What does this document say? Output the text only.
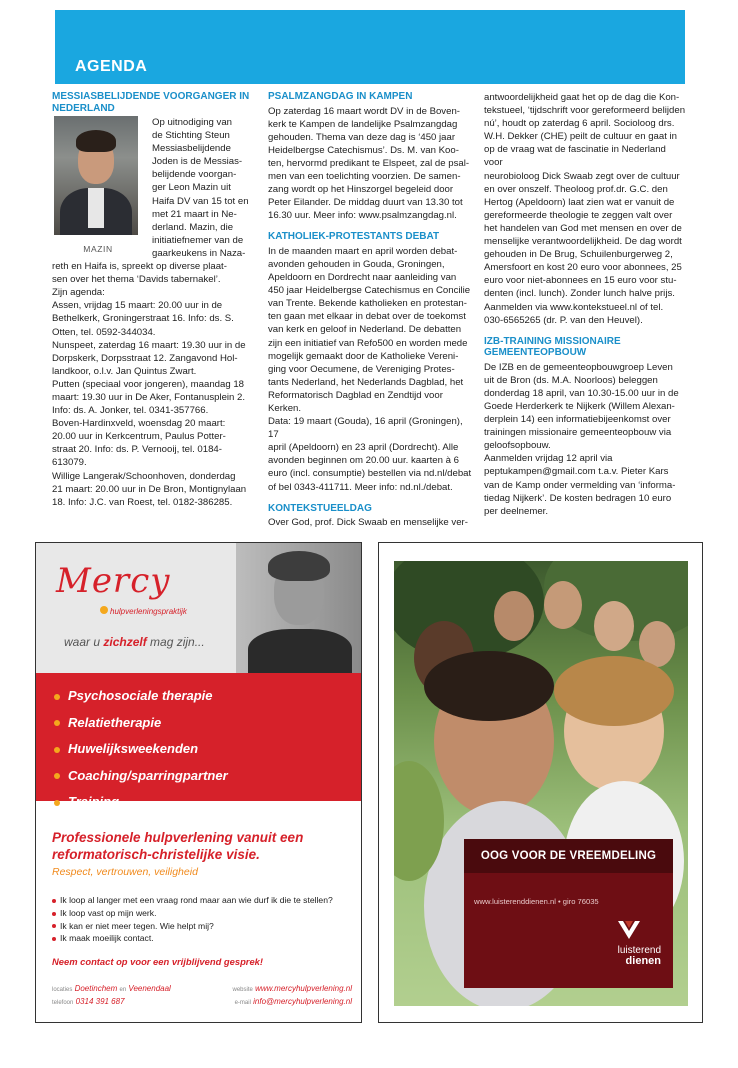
AGENDA
MESSIASBELIJDENDE VOORGANGER IN NEDERLAND
MAZIN
Op uitnodiging van
de Stichting Steun
Messiasbelijdende
Joden is de Messias-
belijdende voorgan-
ger Leon Mazin uit
Haifa DV van 15 tot en
met 21 maart in Ne-
derland. Mazin, die
initiatiefnemer van de
gaarkeukens in Naza-
reth en Haifa is, spreekt op diverse plaat-
sen over het thema ‘Davids tabernakel’.
Zijn agenda:
Assen, vrijdag 15 maart: 20.00 uur in de
Bethelkerk, Groningerstraat 16. Info: ds. S.
Otten, tel. 0592-344034.
Nunspeet, zaterdag 16 maart: 19.30 uur in de
Dorpskerk, Dorpsstraat 12. Zangavond Hol-
landkoor, o.l.v. Jan Quintus Zwart.
Putten (speciaal voor jongeren), maandag 18
maart: 19.30 uur in De Aker, Fontanusplein 2.
Info: ds. A. Jonker, tel. 0341-357766.
Boven-Hardinxveld, woensdag 20 maart:
20.00 uur in Kerkcentrum, Paulus Potter-
straat 20. Info: ds. P. Vernooij, tel. 0184-
613079.
Willige Langerak/Schoonhoven, donderdag
21 maart: 20.00 uur in De Bron, Montignylaan
18. Info: J.C. van Roest, tel. 0182-386285.
PSALMZANGDAG IN KAMPEN
Op zaterdag 16 maart wordt DV in de Boven-
kerk te Kampen de landelijke Psalmzangdag
gehouden. Thema van deze dag is ‘450 jaar
Heidelbergse Catechismus’. Ds. M. van Koo-
ten, hervormd predikant te Elspeet, zal de psal-
men van een toelichting voorzien. De samen-
zang wordt op het Hinszorgel begeleid door
Peter Eilander. De middag duurt van 13.30 tot
16.30 uur. Meer info: www.psalmzangdag.nl.
KATHOLIEK-PROTESTANTS DEBAT
In de maanden maart en april worden debat-
avonden gehouden in Gouda, Groningen,
Apeldoorn en Dordrecht naar aanleiding van
450 jaar Heidelbergse Catechismus en Concilie
van Trente. Bekende katholieken en protestan-
ten gaan met elkaar in debat over de toekomst
van kerk en geloof in Nederland. De debatten
zijn een initiatief van Refo500 en worden mede
mogelijk gemaakt door de Katholieke Vereni-
ging voor Oecumene, de Vereniging Protes-
tants Nederland, het Nederlands Dagblad, het
Reformatorisch Dagblad en Zendtijd voor Kerken.
Data: 19 maart (Gouda), 16 april (Groningen), 17
april (Apeldoorn) en 23 april (Dordrecht). Alle
avonden beginnen om 20.00 uur. kaarten à 6
euro (incl. consumptie) bestellen via nd.nl/debat
of bel 0343-411711. Meer info: nd.nl./debat.
KONTEKSTUEELDAG
Over God, prof. Dick Swaab en menselijke ver-
antwoordelijkheid gaat het op de dag die Kon-
tekstueel, ‘tijdschrift voor gereformeerd belijden
nú’, houdt op zaterdag 6 april. Socioloog drs.
W.H. Dekker (CHE) peilt de cultuur en gaat in
op de vraag wat de fascinatie in Nederland voor
neurobioloog Dick Swaab zegt over de cultuur
en over onszelf. Theoloog prof.dr. G.C. den
Hertog (Apeldoorn) laat zien wat er vanuit de
gereformeerde theologie te zeggen valt over
het handelen van God met mensen en over de
menselijke verantwoordelijkheid. De dag wordt
gehouden in De Brug, Schuilenburgerweg 2,
Amersfoort en kost 20 euro voor abonnees, 25
euro voor niet-abonnees en 15 euro voor stu-
denten (incl. lunch). Zonder lunch halve prijs.
Aanmelden via www.kontekstueel.nl of tel.
030-6565265 (dr. P. van den Heuvel).
IZB-TRAINING MISSIONAIRE
GEMEENTEOPBOUW
De IZB en de gemeenteopbouwgroep Leven
uit de Bron (ds. M.A. Noorloos) beleggen
donderdag 18 april, van 10.30-15.00 uur in de
Goede Herderkerk te Nijkerk (Willem Alexan-
derplein 14) een informatiebijeenkomst over
trainingen missionaire gemeenteopbouw via
geloofsopbouw.
Aanmelden vrijdag 12 april via
peptukampen@gmail.com t.a.v. Pieter Kars
van de Kamp onder vermelding van ‘informa-
tiedag Nijkerk’. De kosten bedragen 10 euro
per deelnemer.
Mercy
hulpverleningspraktijk
waar u zichzelf mag zijn...
Psychosociale therapie
Relatietherapie
Huwelijksweekenden
Coaching/sparringpartner
Training
Professionele hulpverlening vanuit een
reformatorisch-christelijke visie.
Respect, vertrouwen, veiligheid
Ik loop al langer met een vraag rond maar aan wie durf ik die te stellen?
Ik loop vast op mijn werk.
Ik kan er niet meer tegen. Wie helpt mij?
Ik maak moeilijk contact.
Neem contact op voor een vrijblijvend gesprek!
locaties Doetinchem en Veenendaal	website www.mercyhulpverlening.nl
telefoon 0314 391 687	e-mail info@mercyhulpverlening.nl
OOG VOOR DE VREEMDELING
www.luisterenddienen.nl • giro 76035
luisterend
dienen
